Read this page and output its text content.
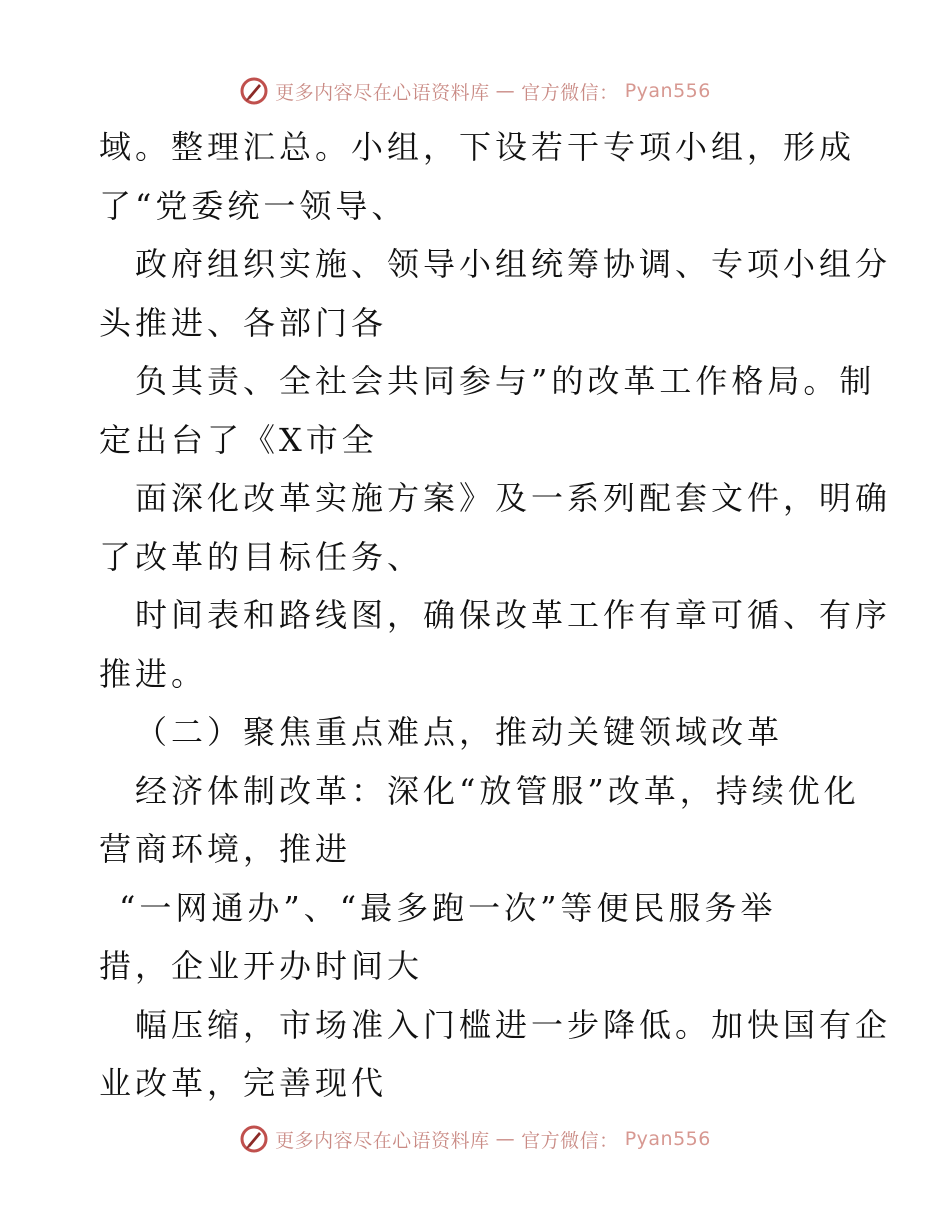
更多内容尽在心语资料库 — 官方微信： Pyan556
域。整理汇总。小组，下设若干专项小组，形成
了“党委统一领导、
政府组织实施、领导小组统筹协调、专项小组分
头推进、各部门各
负其责、全社会共同参与”的改革工作格局。制
定出台了《X市全
面深化改革实施方案》及一系列配套文件，明确
了改革的目标任务、
时间表和路线图，确保改革工作有章可循、有序
推进。
（二）聚焦重点难点，推动关键领域改革
经济体制改革：深化“放管服”改革，持续优化
营商环境，推进
“一网通办”、“最多跑一次”等便民服务举
措，企业开办时间大
幅压缩，市场准入门槛进一步降低。加快国有企
业改革，完善现代
更多内容尽在心语资料库 — 官方微信： Pyan556
